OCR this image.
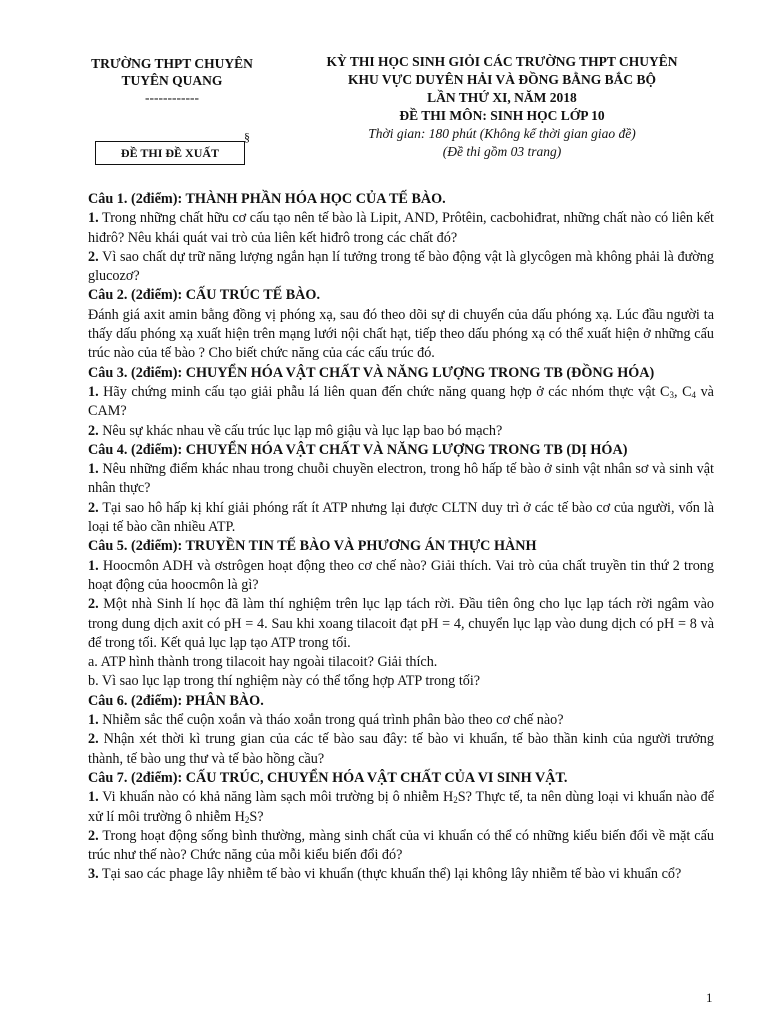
TRƯỜNG THPT CHUYÊN
TUYÊN QUANG
------------
KỲ THI HỌC SINH GIỎI CÁC TRƯỜNG THPT CHUYÊN
KHU VỰC DUYÊN HẢI VÀ ĐỒNG BẰNG BẮC BỘ
LẦN THỨ XI, NĂM 2018
ĐỀ THI MÔN: SINH HỌC LỚP 10
Thời gian: 180 phút (Không kể thời gian giao đề)
(Đề thi gồm 03 trang)
ĐỀ THI ĐỀ XUẤT
§

Câu 1. (2điểm): THÀNH PHẦN HÓA HỌC CỦA TẾ BÀO.

1. Trong những chất hữu cơ cấu tạo nên tế bào là Lipit, AND, Prôtêin, cacbohiđrat, những chất nào có liên kết hiđrô? Nêu khái quát vai trò của liên kết hiđrô trong các chất đó?

2. Vì sao chất dự trữ năng lượng ngắn hạn lí tưởng trong tế bào động vật là glycôgen mà không phải là đường glucozơ?

Câu 2. (2điểm): CẤU TRÚC TẾ BÀO.

Đánh giá axit amin bằng đồng vị phóng xạ, sau đó theo dõi sự di chuyển của dấu phóng xạ. Lúc đầu người ta thấy dấu phóng xạ xuất hiện trên mạng lưới nội chất hạt, tiếp theo dấu phóng xạ có thể xuất hiện ở những cấu trúc nào của tế bào ? Cho biết chức năng của các cấu trúc đó.

Câu 3. (2điểm): CHUYỂN HÓA VẬT CHẤT VÀ NĂNG LƯỢNG TRONG TB (ĐỒNG HÓA)

1. Hãy chứng minh cấu tạo giải phẫu lá liên quan đến chức năng quang hợp ở các nhóm thực vật $C_3$, $C_4$ và CAM?

2. Nêu sự khác nhau về cấu trúc lục lạp mô giậu và lục lạp bao bó mạch?

Câu 4. (2điểm): CHUYỂN HÓA VẬT CHẤT VÀ NĂNG LƯỢNG TRONG TB (DỊ HÓA)

1. Nêu những điểm khác nhau trong chuỗi chuyền electron, trong hô hấp tế bào ở sinh vật nhân sơ và sinh vật nhân thực?

2. Tại sao hô hấp kị khí giải phóng rất ít ATP nhưng lại được CLTN duy trì ở các tế bào cơ của người, vốn là loại tế bào cần nhiều ATP.

Câu 5. (2điểm): TRUYỀN TIN TẾ BÀO VÀ PHƯƠNG ÁN THỰC HÀNH

1. Hoocmôn ADH và ơstrôgen hoạt động theo cơ chế nào? Giải thích. Vai trò của chất truyền tin thứ 2 trong hoạt động của hoocmôn là gì?

2. Một nhà Sinh lí học đã làm thí nghiệm trên lục lạp tách rời. Đầu tiên ông cho lục lạp tách rời ngâm vào trong dung dịch axit có pH = 4. Sau khi xoang tilacoit đạt pH = 4, chuyển lục lạp vào dung dịch có pH = 8 và để trong tối. Kết quả lục lạp tạo ATP trong tối.

a. ATP hình thành trong tilacoit hay ngoài tilacoit? Giải thích.

b. Vì sao lục lạp trong thí nghiệm này có thể tổng hợp ATP trong tối?

Câu 6. (2điểm): PHÂN BÀO.

1. Nhiễm sắc thể cuộn xoắn và tháo xoắn trong quá trình phân bào theo cơ chế nào?

2. Nhận xét thời kì trung gian của các tế bào sau đây: tế bào vi khuẩn, tế bào thần kinh của người trưởng thành, tế bào ung thư và tế bào hồng cầu?

Câu 7. (2điểm): CẤU TRÚC, CHUYỂN HÓA VẬT CHẤT CỦA VI SINH VẬT.

1. Vi khuẩn nào có khả năng làm sạch môi trường bị ô nhiễm $H_2S$? Thực tế, ta nên dùng loại vi khuẩn nào để xử lí môi trường ô nhiễm $H_2S$?

2. Trong hoạt động sống bình thường, màng sinh chất của vi khuẩn có thể có những kiểu biến đổi về mặt cấu trúc như thế nào? Chức năng của mỗi kiểu biến đổi đó?

3. Tại sao các phage lây nhiễm tế bào vi khuẩn (thực khuẩn thể) lại không lây nhiễm tế bào vi khuẩn cổ?

1
